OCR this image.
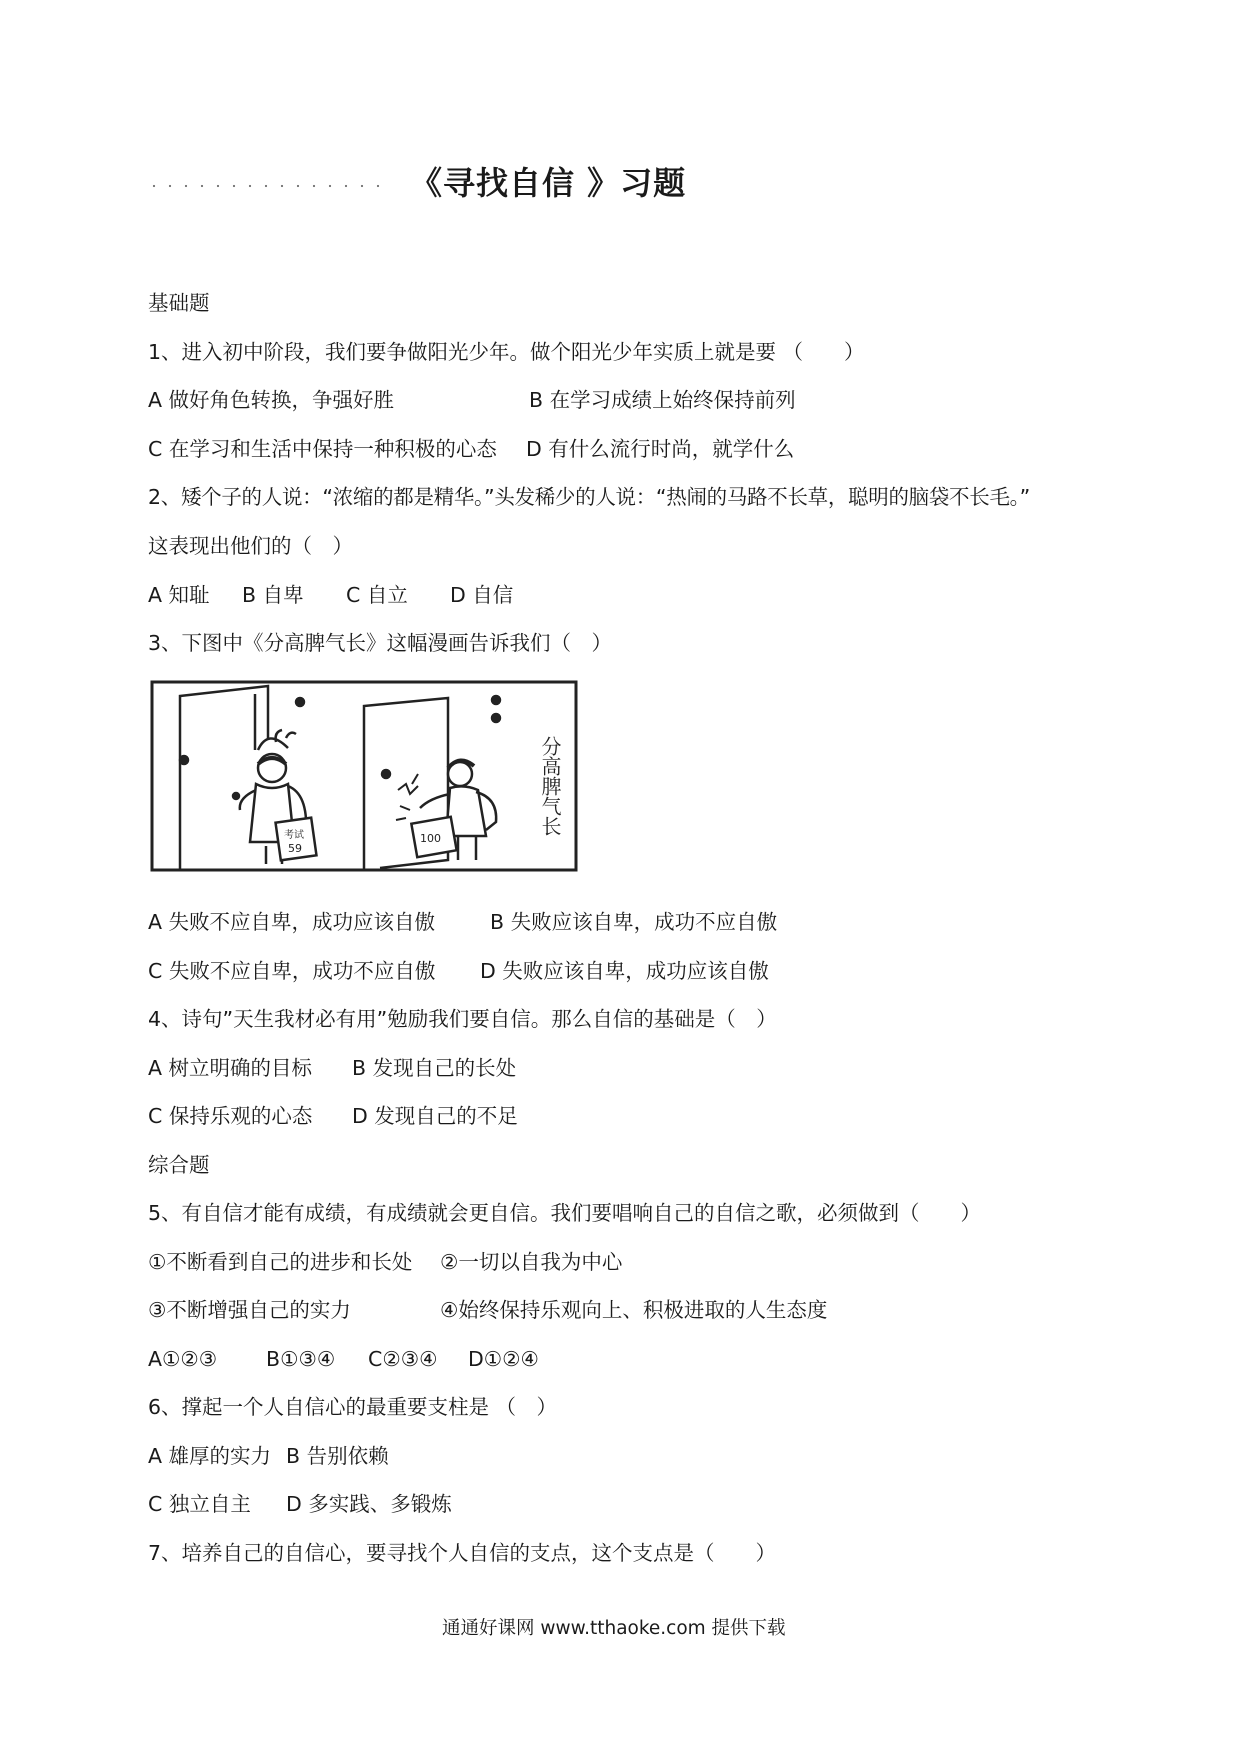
《寻找自信 》习题
基础题
1、进入初中阶段，我们要争做阳光少年。做个阳光少年实质上就是要 （　　）
A 做好角色转换，争强好胜	B 在学习成绩上始终保持前列
C 在学习和生活中保持一种积极的心态 D 有什么流行时尚，就学什么
2、矮个子的人说：“浓缩的都是精华。”头发稀少的人说：“热闹的马路不长草，聪明的脑袋不长毛。”
这表现出他们的（　）
A 知耻 B 自卑 C 自立 D 自信
3、下图中《分高脾气长》这幅漫画告诉我们（　）
考试
59
100
分高脾气长
A 失败不应自卑，成功应该自傲	B 失败应该自卑，成功不应自傲
C 失败不应自卑，成功不应自傲 D 失败应该自卑，成功应该自傲
4、诗句”天生我材必有用”勉励我们要自信。那么自信的基础是（　）
A 树立明确的目标 B 发现自己的长处
C 保持乐观的心态 D 发现自己的不足
综合题
5、有自信才能有成绩，有成绩就会更自信。我们要唱响自己的自信之歌，必须做到（　　）
①不断看到自己的进步和长处 ②一切以自我为中心
③不断增强自己的实力	④始终保持乐观向上、积极进取的人生态度
A①②③ B①③④ C②③④ D①②④
6、撑起一个人自信心的最重要支柱是 （　）
A 雄厚的实力 B 告别依赖
C 独立自主 D 多实践、多锻炼
7、培养自己的自信心，要寻找个人自信的支点，这个支点是（　　）
通通好课网 www.tthaoke.com 提供下载
